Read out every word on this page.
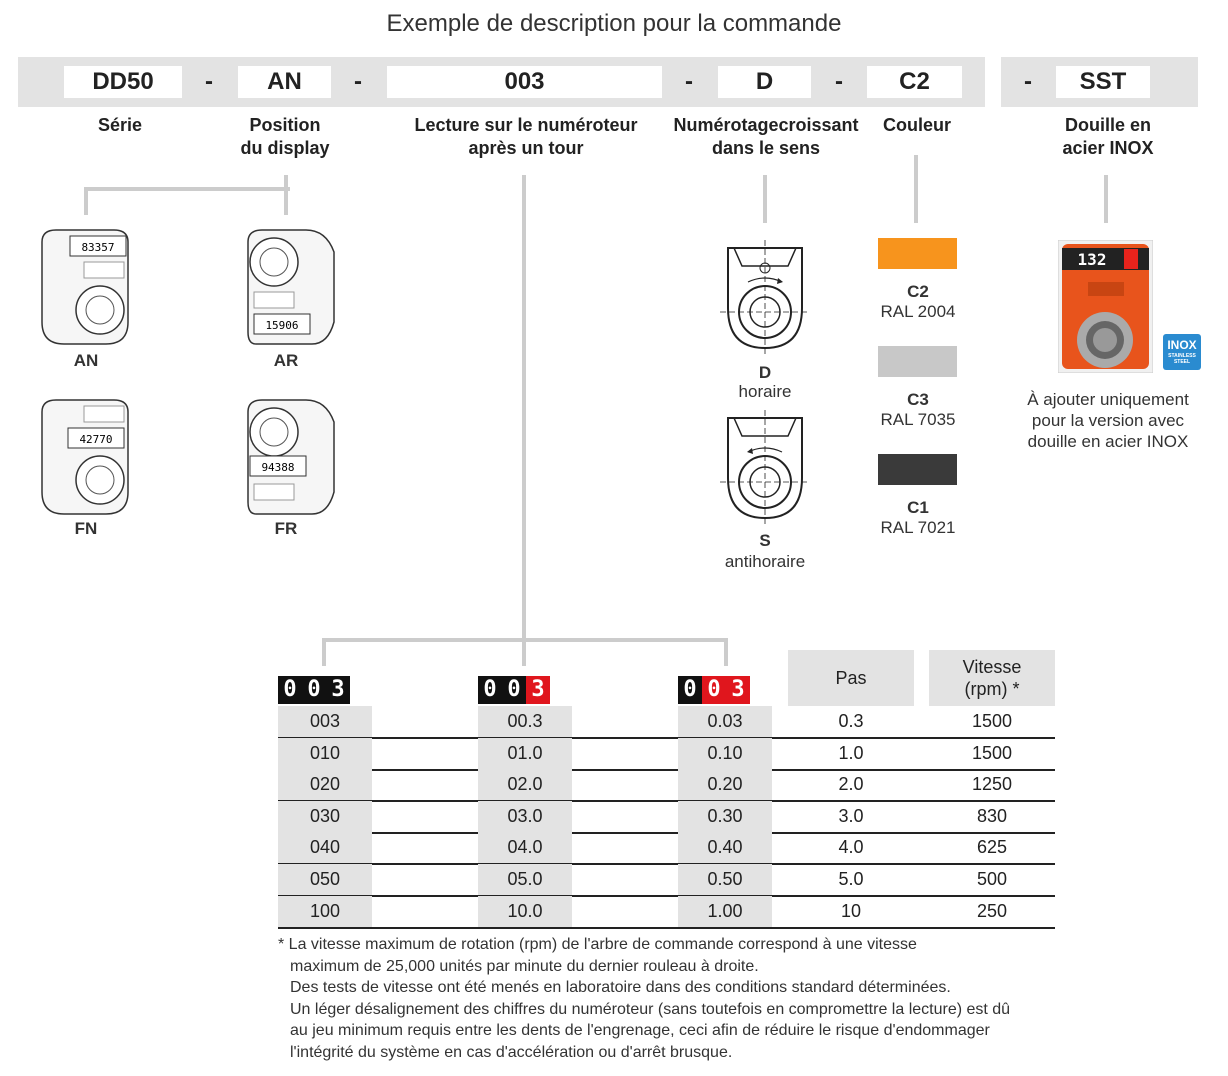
Exemple de description pour la commande
DD50	-	AN	-	003	-	D	-	C2	-	SST
Série	Position
du display
Lecture sur le numéroteur
après un tour
Numérotagecroissant
dans le sens
Couleur	Douille en
acier INOX
83357
AN
15906
AR
42770
FN
94388
FR
D
horaire
S
antihoraire
C2
RAL 2004
C3
RAL 7035
C1
RAL 7021
132
INOX
STAINLESS STEEL
À ajouter uniquement
pour la version avec
douille en acier INOX
0 0 3	0 0 3	0 0 3	Pas
Vitesse
(rpm) *
003	00.3	0.03	0.3	1500
010	01.0	0.10	1.0	1500
020	02.0	0.20	2.0	1250
030	03.0	0.30	3.0	830
040	04.0	0.40	4.0	625
050	05.0	0.50	5.0	500
100	10.0	1.00	10	250
* La vitesse maximum de rotation (rpm) de l'arbre de commande correspond à une vitesse
maximum de 25,000 unités par minute du dernier rouleau à droite.
Des tests de vitesse ont été menés en laboratoire dans des conditions standard déterminées.
Un léger désalignement des chiffres du numéroteur (sans toutefois en compromettre la lecture) est dû
au jeu minimum requis entre les dents de l'engrenage, ceci afin de réduire le risque d'endommager
l'intégrité du système en cas d'accélération ou d'arrêt brusque.
